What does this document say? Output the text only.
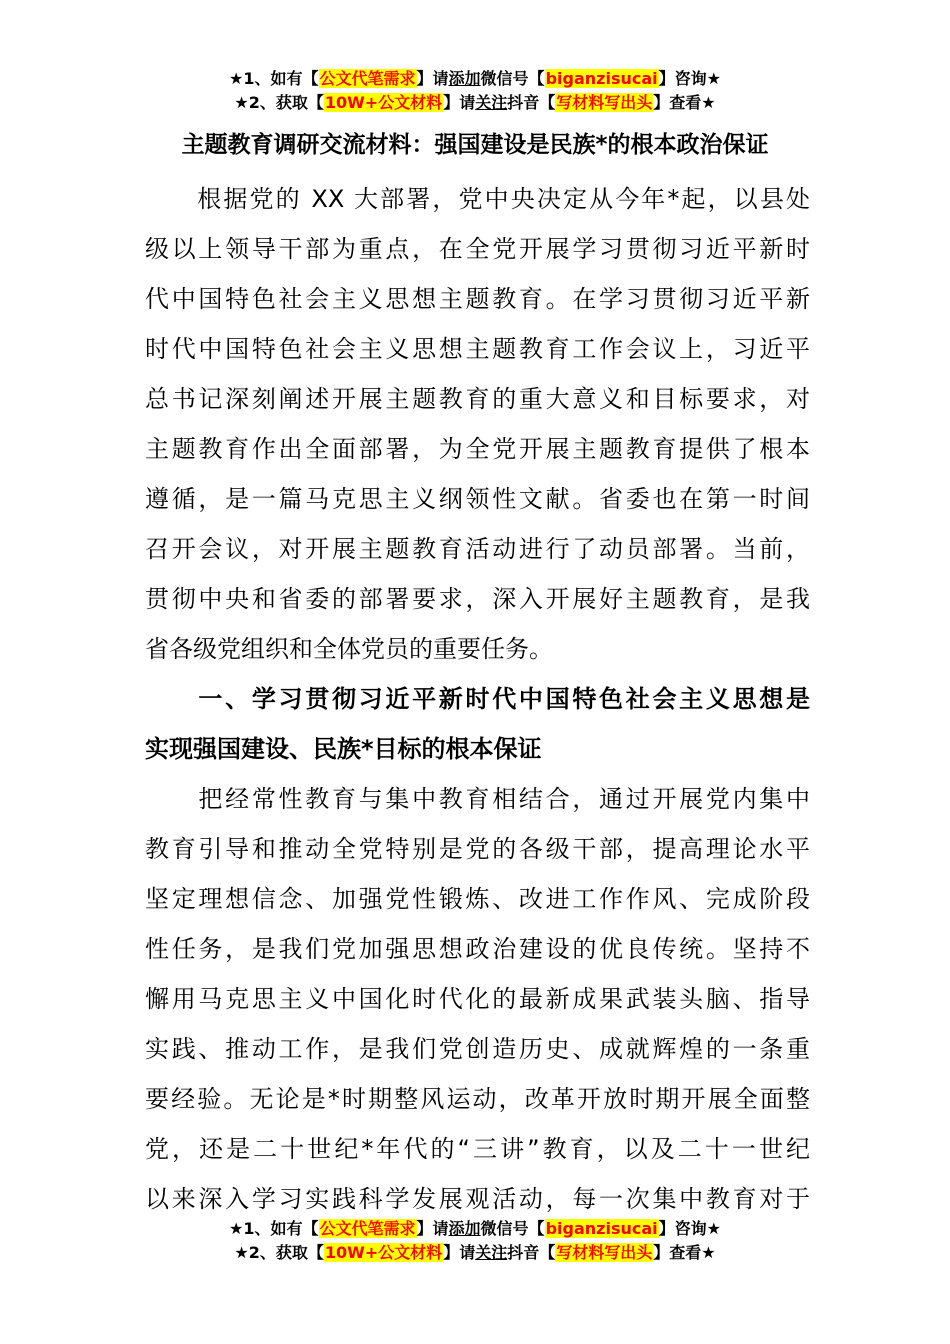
★1、如有【公文代笔需求】请添加微信号【biganzisucai】咨询★
★2、获取【10W+公文材料】请关注抖音【写材料写出头】查看★
主题教育调研交流材料：强国建设是民族*的根本政治保证
　　根据党的 XX 大部署，党中央决定从今年*起，以县处
级以上领导干部为重点，在全党开展学习贯彻习近平新时
代中国特色社会主义思想主题教育。在学习贯彻习近平新
时代中国特色社会主义思想主题教育工作会议上，习近平
总书记深刻阐述开展主题教育的重大意义和目标要求，对
主题教育作出全面部署，为全党开展主题教育提供了根本
遵循，是一篇马克思主义纲领性文献。省委也在第一时间
召开会议，对开展主题教育活动进行了动员部署。当前，
贯彻中央和省委的部署要求，深入开展好主题教育，是我
省各级党组织和全体党员的重要任务。
　　一、学习贯彻习近平新时代中国特色社会主义思想是
实现强国建设、民族*目标的根本保证
　　把经常性教育与集中教育相结合，通过开展党内集中
教育引导和推动全党特别是党的各级干部，提高理论水平
坚定理想信念、加强党性锻炼、改进工作作风、完成阶段
性任务，是我们党加强思想政治建设的优良传统。坚持不
懈用马克思主义中国化时代化的最新成果武装头脑、指导
实践、推动工作，是我们党创造历史、成就辉煌的一条重
要经验。无论是*时期整风运动，改革开放时期开展全面整
党，还是二十世纪*年代的“三讲”教育，以及二十一世纪
以来深入学习实践科学发展观活动，每一次集中教育对于
★1、如有【公文代笔需求】请添加微信号【biganzisucai】咨询★
★2、获取【10W+公文材料】请关注抖音【写材料写出头】查看★
